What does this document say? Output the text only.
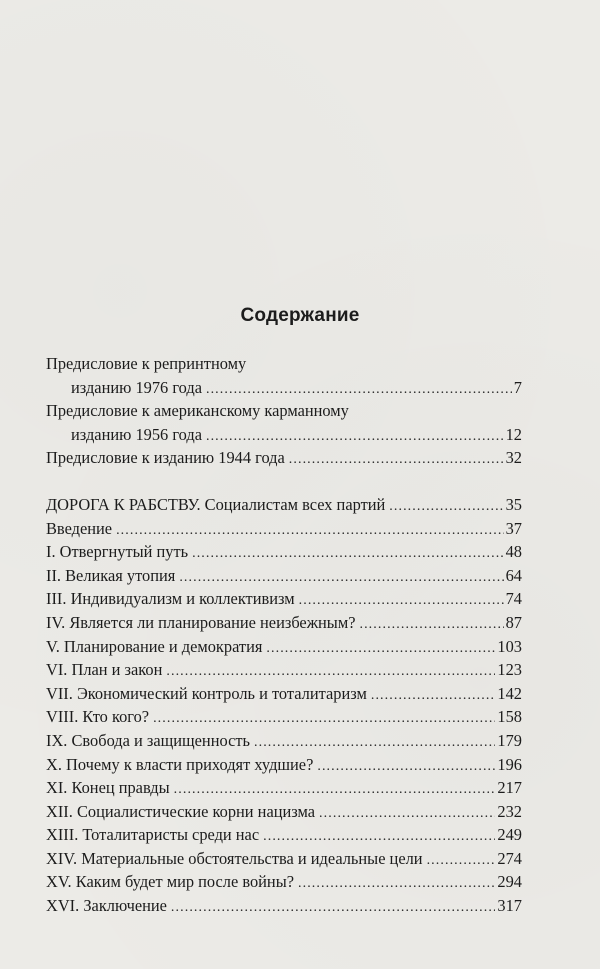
Содержание
Предисловие к репринтному
изданию 1976 года . . .	7
Предисловие к американскому карманному
изданию 1956 года . . .	12
Предисловие к изданию 1944 года . . .	32
ДОРОГА К РАБСТВУ. Социалистам всех партий . . .	35
Введение . . .	37
I. Отвергнутый путь . . .	48
II. Великая утопия . . .	64
III. Индивидуализм и коллективизм . . .	74
IV. Является ли планирование неизбежным? . . .	87
V. Планирование и демократия . . .	103
VI. План и закон . . .	123
VII. Экономический контроль и тоталитаризм . . .	142
VIII. Кто кого? . . .	158
IX. Свобода и защищенность . . .	179
X. Почему к власти приходят худшие? . . .	196
XI. Конец правды . . .	217
XII. Социалистические корни нацизма . . .	232
XIII. Тоталитаристы среди нас . . .	249
XIV. Материальные обстоятельства и идеальные цели . . .	274
XV. Каким будет мир после войны? . . .	294
XVI. Заключение . . .	317
